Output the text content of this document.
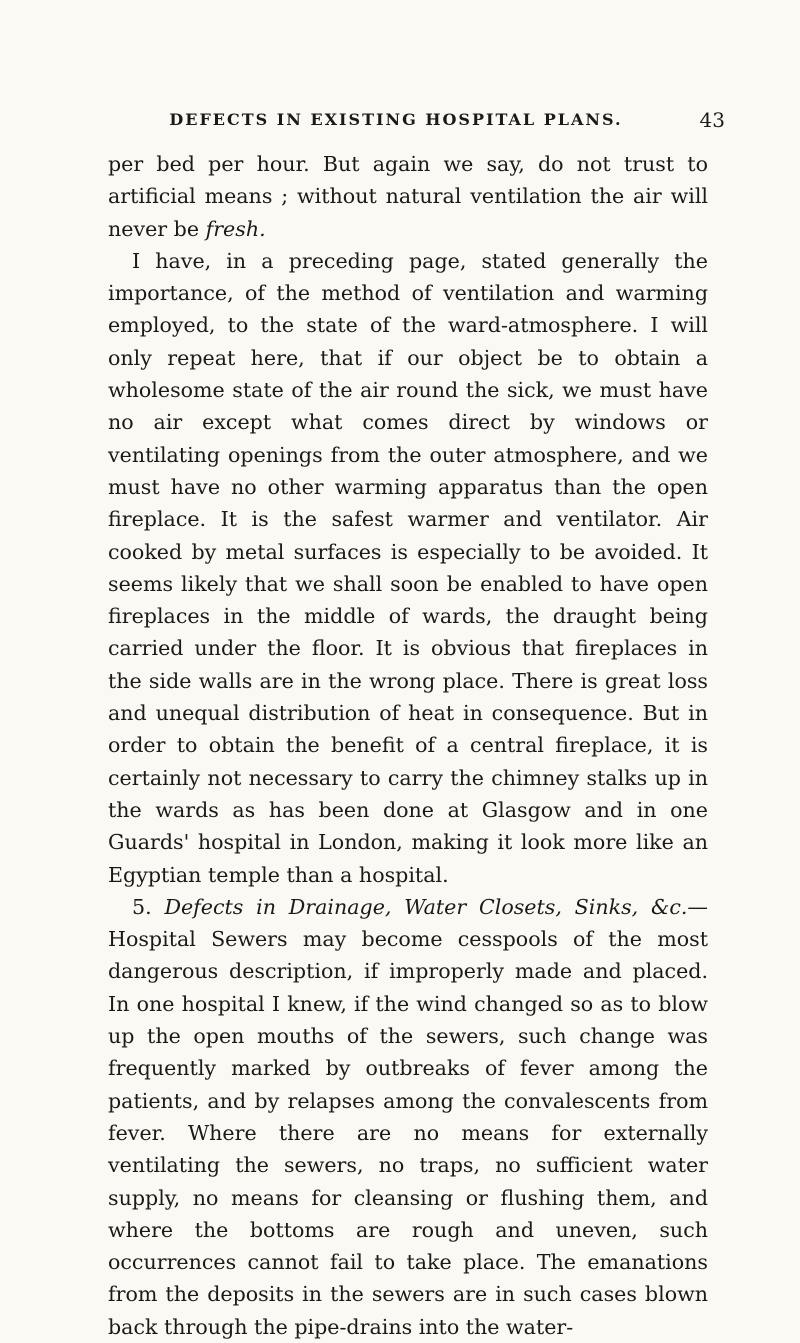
DEFECTS IN EXISTING HOSPITAL PLANS.	43

per bed per hour. But again we say, do not trust to artificial means ; without natural ventilation the air will never be fresh.

I have, in a preceding page, stated generally the importance, of the method of ventilation and warming employed, to the state of the ward-atmosphere. I will only repeat here, that if our object be to obtain a wholesome state of the air round the sick, we must have no air except what comes direct by windows or ventilating openings from the outer atmosphere, and we must have no other warming apparatus than the open fireplace. It is the safest warmer and ventilator. Air cooked by metal surfaces is especially to be avoided. It seems likely that we shall soon be enabled to have open fireplaces in the middle of wards, the draught being carried under the floor. It is obvious that fireplaces in the side walls are in the wrong place. There is great loss and unequal distribution of heat in consequence. But in order to obtain the benefit of a central fireplace, it is certainly not necessary to carry the chimney stalks up in the wards as has been done at Glasgow and in one Guards' hospital in London, making it look more like an Egyptian temple than a hospital.

5. Defects in Drainage, Water Closets, Sinks, &c.— Hospital Sewers may become cesspools of the most dangerous description, if improperly made and placed. In one hospital I knew, if the wind changed so as to blow up the open mouths of the sewers, such change was frequently marked by outbreaks of fever among the patients, and by relapses among the convalescents from fever. Where there are no means for externally ventilating the sewers, no traps, no sufficient water supply, no means for cleansing or flushing them, and where the bottoms are rough and uneven, such occurrences cannot fail to take place. The emanations from the deposits in the sewers are in such cases blown back through the pipe-drains into the water-
